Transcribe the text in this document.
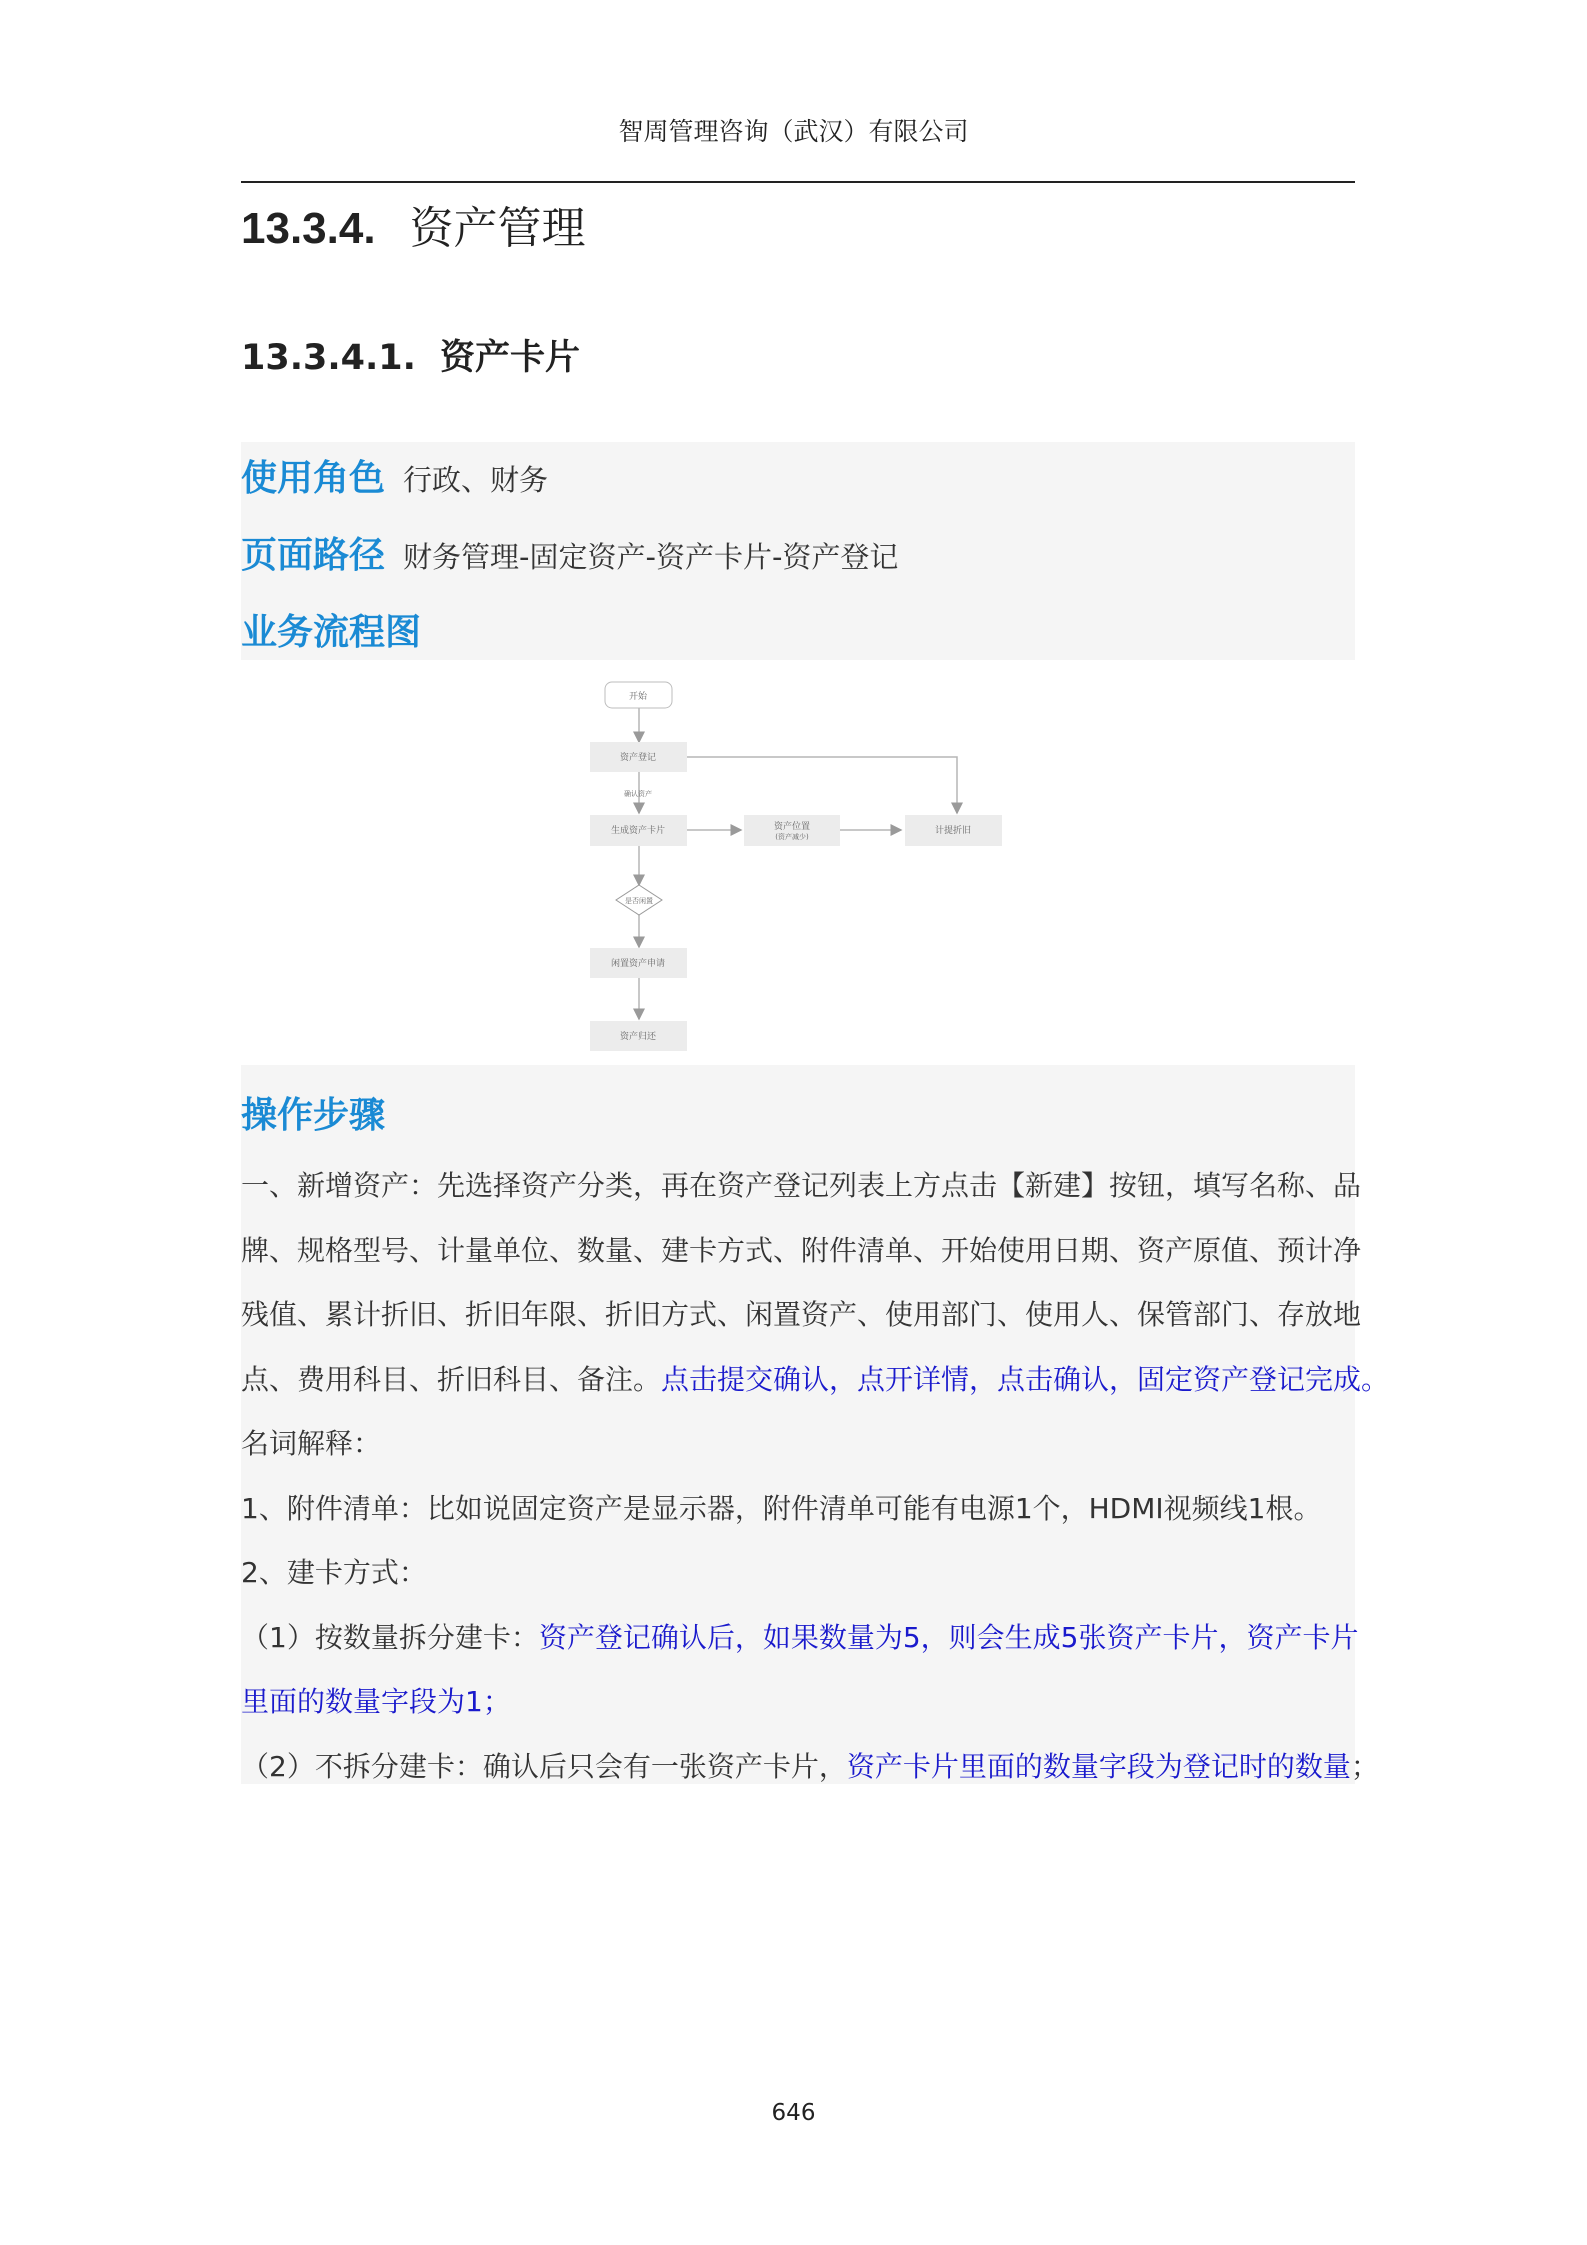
智周管理咨询（武汉）有限公司
13.3.4. 资产管理
13.3.4.1. 资产卡片
使用角色 行政、财务
页面路径 财务管理-固定资产-资产卡片-资产登记
业务流程图
开始
资产登记
确认资产
生成资产卡片	资产位置
(资产减少)
计提折旧
是否闲置
闲置资产申请
资产归还
操作步骤
一、新增资产：先选择资产分类，再在资产登记列表上方点击【新建】按钮，填写名称、品
牌、规格型号、计量单位、数量、建卡方式、附件清单、开始使用日期、资产原值、预计净
残值、累计折旧、折旧年限、折旧方式、闲置资产、使用部门、使用人、保管部门、存放地
点、费用科目、折旧科目、备注。点击提交确认，点开详情，点击确认，固定资产登记完成。
名词解释：
1、附件清单：比如说固定资产是显示器，附件清单可能有电源1个，HDMI视频线1根。
2、建卡方式：
（1）按数量拆分建卡：资产登记确认后，如果数量为5，则会生成5张资产卡片，资产卡片
里面的数量字段为1；
（2）不拆分建卡：确认后只会有一张资产卡片，资产卡片里面的数量字段为登记时的数量；
646
